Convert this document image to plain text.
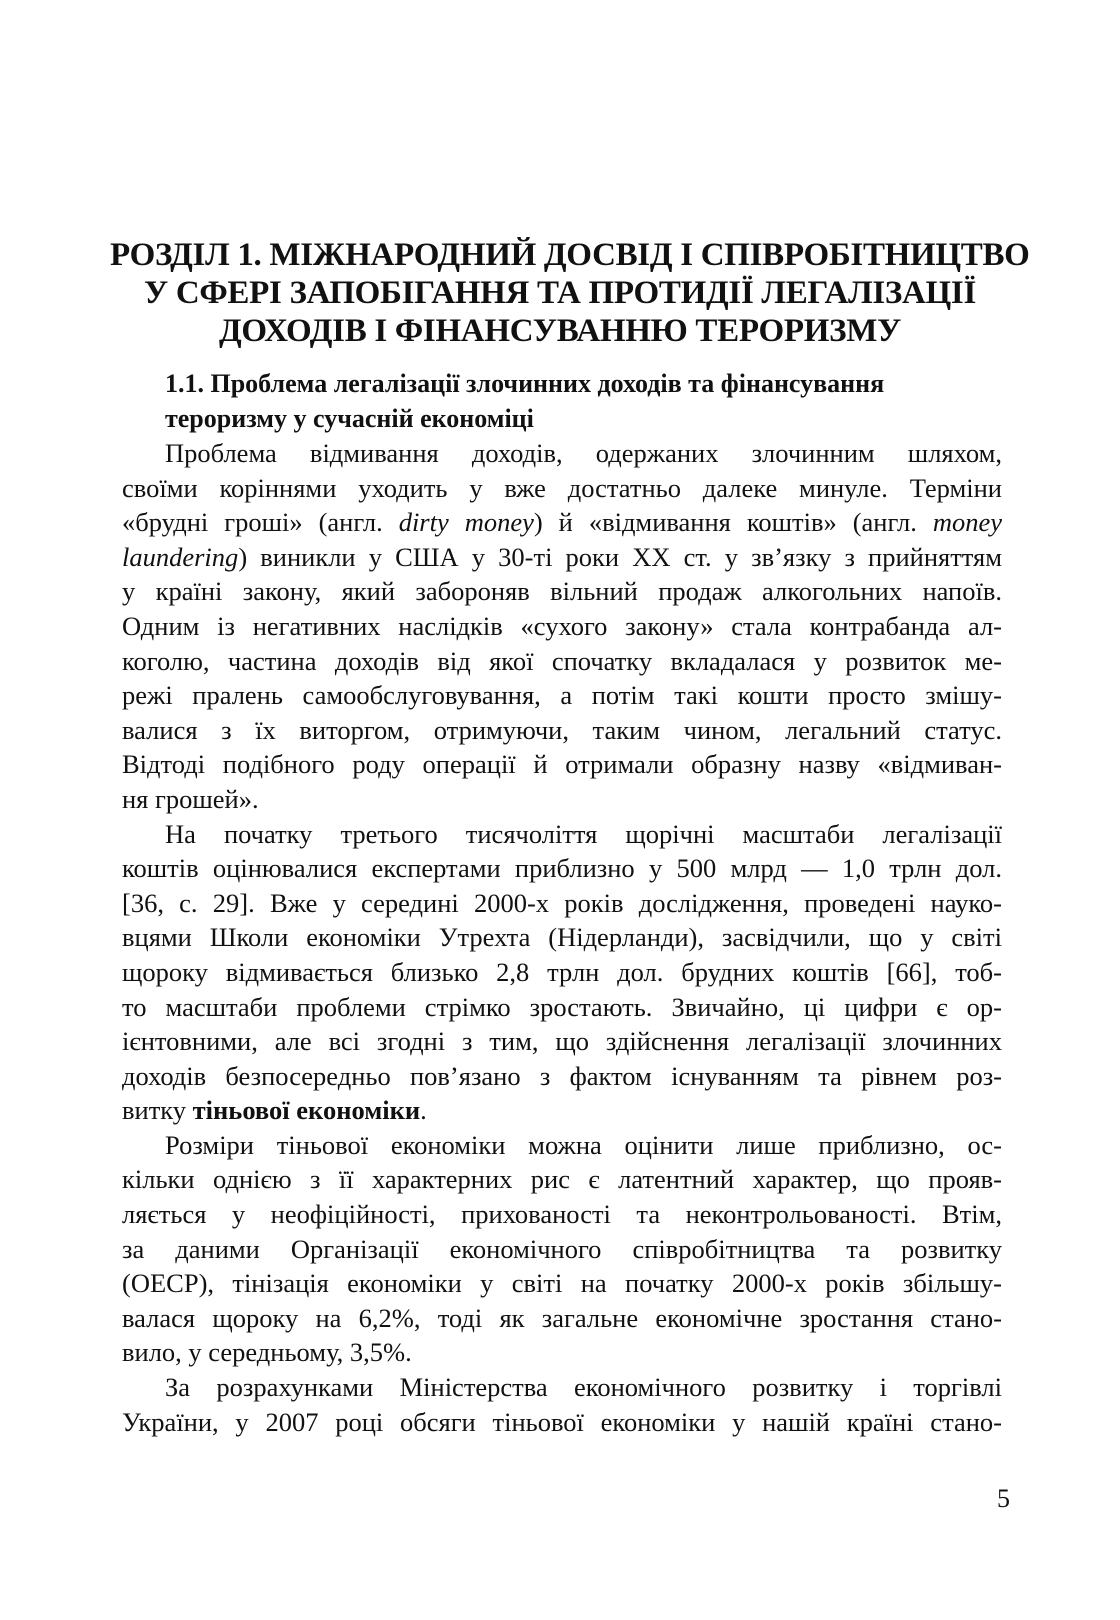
РОЗДІЛ 1. МІЖНАРОДНИЙ ДОСВІД І СПІВРОБІТНИЦТВО
У СФЕРІ ЗАПОБІГАННЯ ТА ПРОТИДІЇ ЛЕГАЛІЗАЦІЇ
ДОХОДІВ І ФІНАНСУВАННЮ ТЕРОРИЗМУ
1.1. Проблема легалізації злочинних доходів та фінансування
тероризму у сучасній економіці
Проблема відмивання доходів, одержаних злочинним шляхом,
своїми коріннями уходить у вже достатньо далеке минуле. Терміни
«брудні гроші» (англ. dirty money) й «відмивання коштів» (англ. money
laundering) виникли у США у 30-ті роки ХХ ст. у зв’язку з прийняттям
у країні закону, який забороняв вільний продаж алкогольних напоїв.
Одним із негативних наслідків «сухого закону» стала контрабанда ал-
коголю, частина доходів від якої спочатку вкладалася у розвиток ме-
режі пралень самообслуговування, а потім такі кошти просто змішу-
валися з їх виторгом, отримуючи, таким чином, легальний статус.
Відтоді подібного роду операції й отримали образну назву «відмиван-
ня грошей».
На початку третього тисячоліття щорічні масштаби легалізації
коштів оцінювалися експертами приблизно у 500 млрд — 1,0 трлн дол.
[36, с. 29]. Вже у середині 2000-х років дослідження, проведені науко-
вцями Школи економіки Утрехта (Нідерланди), засвідчили, що у світі
щороку відмивається близько 2,8 трлн дол. брудних коштів [66], тоб-
то масштаби проблеми стрімко зростають. Звичайно, ці цифри є ор-
ієнтовними, але всі згодні з тим, що здійснення легалізації злочинних
доходів безпосередньо пов’язано з фактом існуванням та рівнем роз-
витку тіньової економіки.
Розміри тіньової економіки можна оцінити лише приблизно, ос-
кільки однією з її характерних рис є латентний характер, що прояв-
ляється у неофіційності, прихованості та неконтрольованості. Втім,
за даними Організації економічного співробітництва та розвитку
(ОЕСР), тінізація економіки у світі на початку 2000-х років збільшу-
валася щороку на 6,2%, тоді як загальне економічне зростання стано-
вило, у середньому, 3,5%.
За розрахунками Міністерства економічного розвитку і торгівлі
України, у 2007 році обсяги тіньової економіки у нашій країні стано-
5
